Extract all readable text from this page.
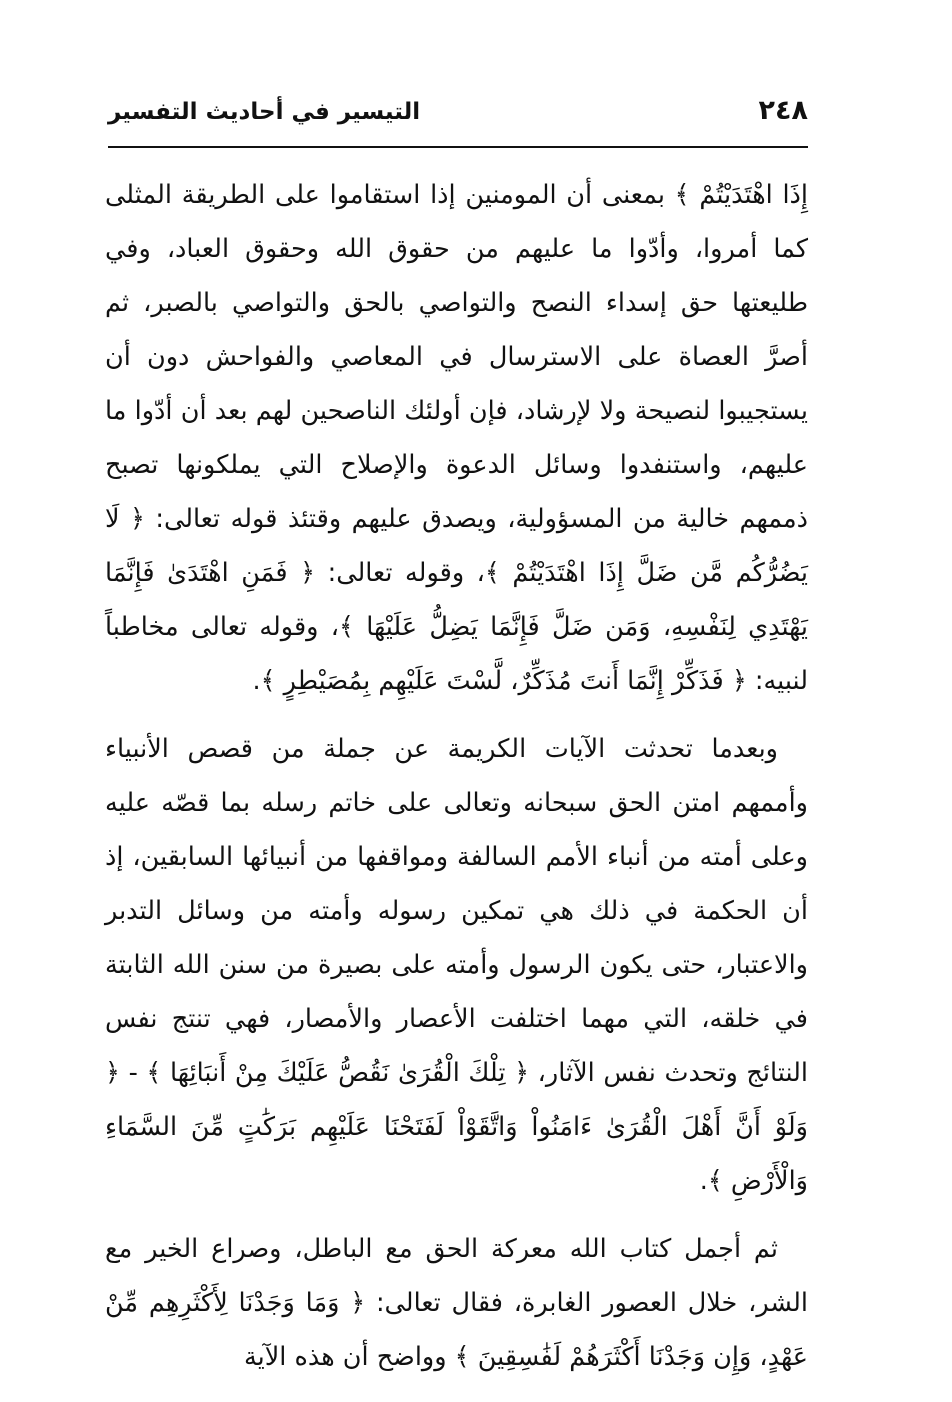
٢٤٨
التيسير في أحاديث التفسير

إِذَا اهْتَدَيْتُمْ ﴾ بمعنى أن المومنين إذا استقاموا على الطريقة المثلى كما أمروا، وأدّوا ما عليهم من حقوق الله وحقوق العباد، وفي طليعتها حق إسداء النصح والتواصي بالحق والتواصي بالصبر، ثم أصرَّ العصاة على الاسترسال في المعاصي والفواحش دون أن يستجيبوا لنصيحة ولا لإرشاد، فإن أولئك الناصحين لهم بعد أن أدّوا ما عليهم، واستنفدوا وسائل الدعوة والإصلاح التي يملكونها تصبح ذممهم خالية من المسؤولية، ويصدق عليهم وقتئذ قوله تعالى: ﴿ لَا يَضُرُّكُم مَّن ضَلَّ إِذَا اهْتَدَيْتُمْ ﴾، وقوله تعالى: ﴿ فَمَنِ اهْتَدَىٰ فَإِنَّمَا يَهْتَدِي لِنَفْسِهِ، وَمَن ضَلَّ فَإِنَّمَا يَضِلُّ عَلَيْهَا ﴾، وقوله تعالى مخاطباً لنبيه: ﴿ فَذَكِّرْ إِنَّمَا أَنتَ مُذَكِّرٌ، لَّسْتَ عَلَيْهِم بِمُصَيْطِرٍ ﴾.

وبعدما تحدثت الآيات الكريمة عن جملة من قصص الأنبياء وأممهم امتن الحق سبحانه وتعالى على خاتم رسله بما قصّه عليه وعلى أمته من أنباء الأمم السالفة ومواقفها من أنبيائها السابقين، إذ أن الحكمة في ذلك هي تمكين رسوله وأمته من وسائل التدبر والاعتبار، حتى يكون الرسول وأمته على بصيرة من سنن الله الثابتة في خلقه، التي مهما اختلفت الأعصار والأمصار، فهي تنتج نفس النتائج وتحدث نفس الآثار، ﴿ تِلْكَ الْقُرَىٰ نَقُصُّ عَلَيْكَ مِنْ أَنبَائِهَا ﴾ - ﴿ وَلَوْ أَنَّ أَهْلَ الْقُرَىٰ ءَامَنُواْ وَاتَّقَوْاْ لَفَتَحْنَا عَلَيْهِم بَرَكَٰتٍ مِّنَ السَّمَاءِ وَالْأَرْضِ ﴾.

ثم أجمل كتاب الله معركة الحق مع الباطل، وصراع الخير مع الشر، خلال العصور الغابرة، فقال تعالى: ﴿ وَمَا وَجَدْنَا لِأَكْثَرِهِم مِّنْ عَهْدٍ، وَإِن وَجَدْنَا أَكْثَرَهُمْ لَفَٰسِقِينَ ﴾ وواضح أن هذه الآية
